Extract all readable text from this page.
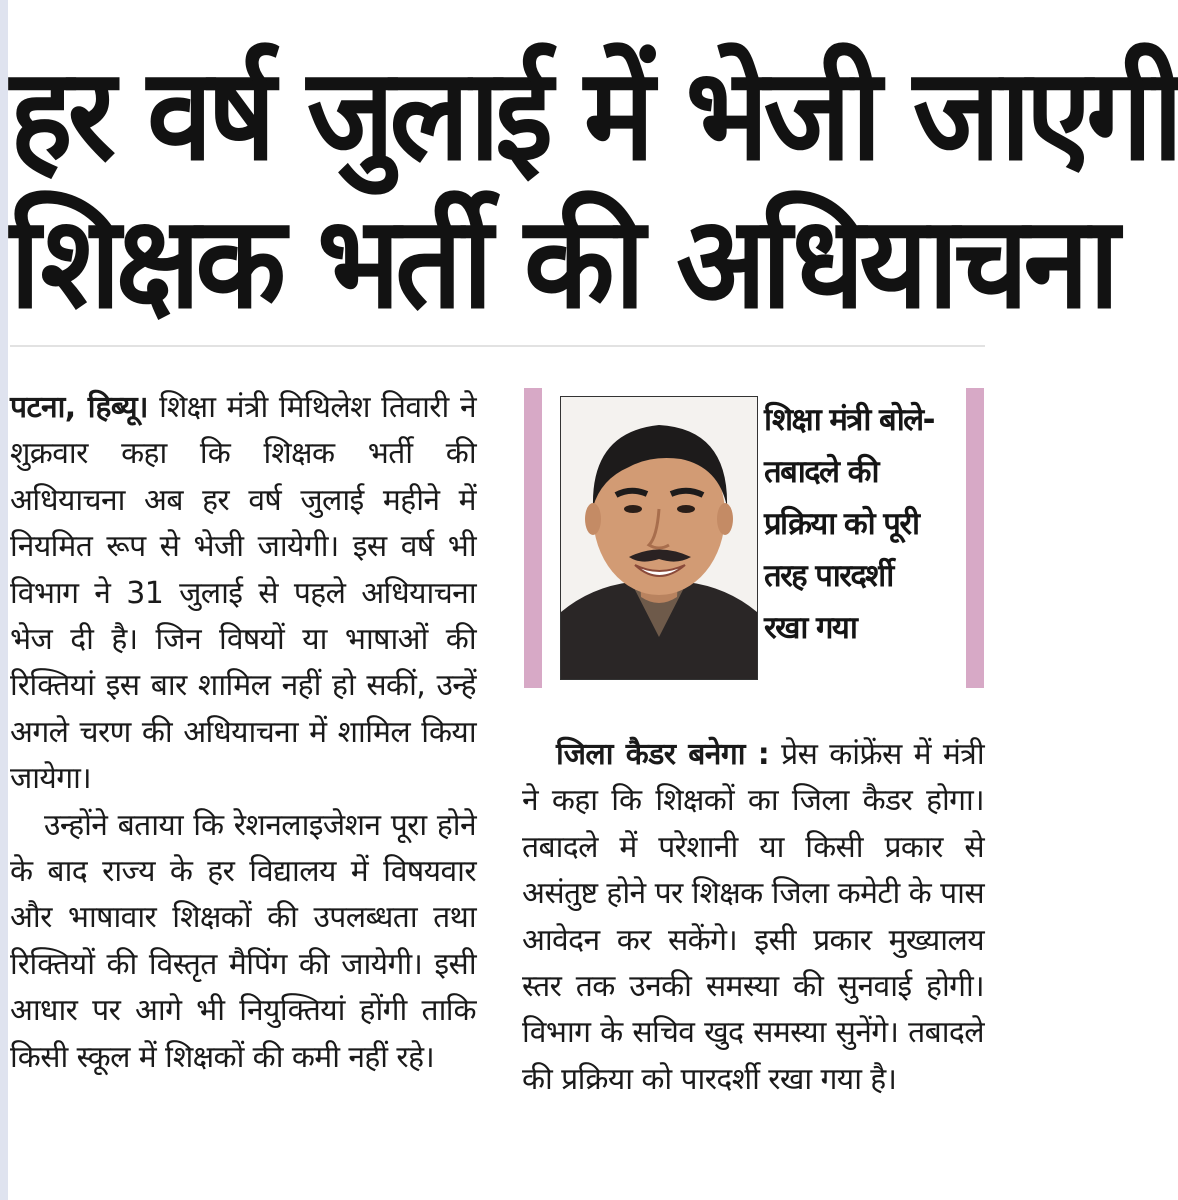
हर वर्ष जुलाई में भेजी जाएगी
शिक्षक भर्ती की अधियाचना

पटना, हिब्यू। शिक्षा मंत्री मिथिलेश तिवारी ने शुक्रवार कहा कि शिक्षक भर्ती की अधियाचना अब हर वर्ष जुलाई महीने में नियमित रूप से भेजी जायेगी। इस वर्ष भी विभाग ने 31 जुलाई से पहले अधियाचना भेज दी है। जिन विषयों या भाषाओं की रिक्तियां इस बार शामिल नहीं हो सकीं, उन्हें अगले चरण की अधियाचना में शामिल किया जायेगा।

उन्होंने बताया कि रेशनलाइजेशन पूरा होने के बाद राज्य के हर विद्यालय में विषयवार और भाषावार शिक्षकों की उपलब्धता तथा रिक्तियों की विस्तृत मैपिंग की जायेगी। इसी आधार पर आगे भी नियुक्तियां होंगी ताकि किसी स्कूल में शिक्षकों की कमी नहीं रहे।

शिक्षा मंत्री बोले-
तबादले की
प्रक्रिया को पूरी
तरह पारदर्शी
रखा गया

जिला कैडर बनेगा : प्रेस कांफ्रेंस में मंत्री ने कहा कि शिक्षकों का जिला कैडर होगा। तबादले में परेशानी या किसी प्रकार से असंतुष्ट होने पर शिक्षक जिला कमेटी के पास आवेदन कर सकेंगे। इसी प्रकार मुख्यालय स्तर तक उनकी समस्या की सुनवाई होगी। विभाग के सचिव खुद समस्या सुनेंगे। तबादले की प्रक्रिया को पारदर्शी रखा गया है।
